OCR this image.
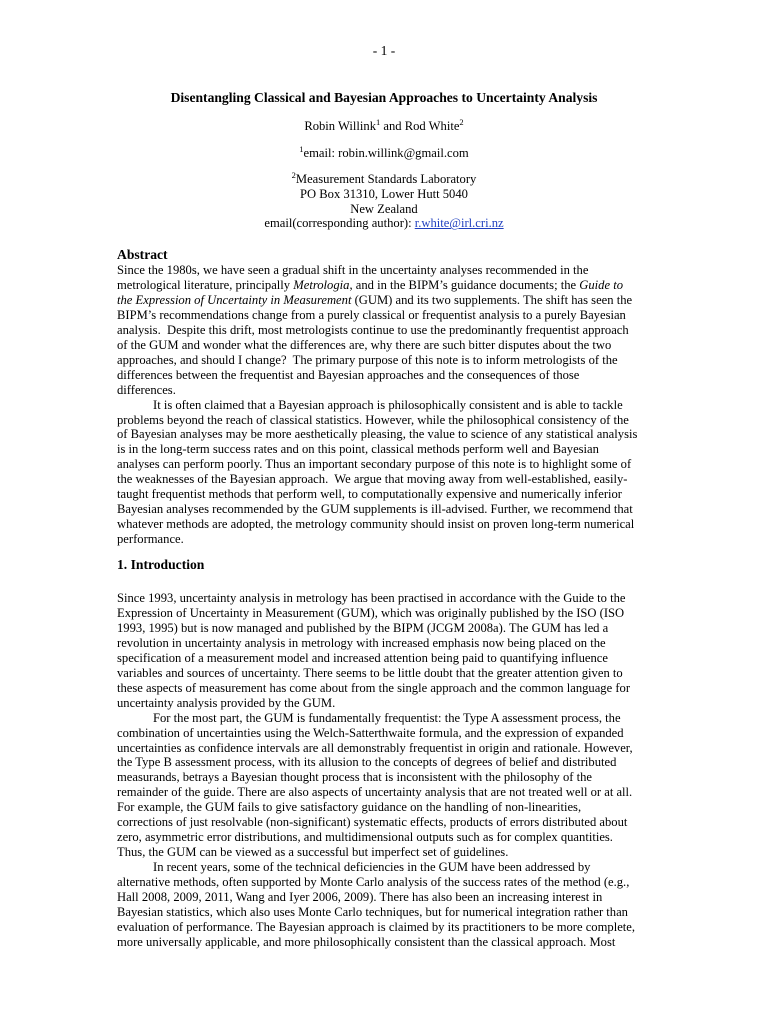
- 1 -
Disentangling Classical and Bayesian Approaches to Uncertainty Analysis
Robin Willink$^1$ and Rod White$^2$
$^1$email: robin.willink@gmail.com
$^2$Measurement Standards Laboratory
PO Box 31310, Lower Hutt 5040
New Zealand
email(corresponding author): r.white@irl.cri.nz
Abstract
Since the 1980s, we have seen a gradual shift in the uncertainty analyses recommended in the
metrological literature, principally Metrologia, and in the BIPM’s guidance documents; the Guide to
the Expression of Uncertainty in Measurement (GUM) and its two supplements. The shift has seen the
BIPM’s recommendations change from a purely classical or frequentist analysis to a purely Bayesian
analysis.  Despite this drift, most metrologists continue to use the predominantly frequentist approach
of the GUM and wonder what the differences are, why there are such bitter disputes about the two
approaches, and should I change?  The primary purpose of this note is to inform metrologists of the
differences between the frequentist and Bayesian approaches and the consequences of those
differences.
It is often claimed that a Bayesian approach is philosophically consistent and is able to tackle
problems beyond the reach of classical statistics. However, while the philosophical consistency of the
of Bayesian analyses may be more aesthetically pleasing, the value to science of any statistical analysis
is in the long-term success rates and on this point, classical methods perform well and Bayesian
analyses can perform poorly. Thus an important secondary purpose of this note is to highlight some of
the weaknesses of the Bayesian approach.  We argue that moving away from well-established, easily-
taught frequentist methods that perform well, to computationally expensive and numerically inferior
Bayesian analyses recommended by the GUM supplements is ill-advised. Further, we recommend that
whatever methods are adopted, the metrology community should insist on proven long-term numerical
performance.
1. Introduction
Since 1993, uncertainty analysis in metrology has been practised in accordance with the Guide to the
Expression of Uncertainty in Measurement (GUM), which was originally published by the ISO (ISO
1993, 1995) but is now managed and published by the BIPM (JCGM 2008a). The GUM has led a
revolution in uncertainty analysis in metrology with increased emphasis now being placed on the
specification of a measurement model and increased attention being paid to quantifying influence
variables and sources of uncertainty. There seems to be little doubt that the greater attention given to
these aspects of measurement has come about from the single approach and the common language for
uncertainty analysis provided by the GUM.
For the most part, the GUM is fundamentally frequentist: the Type A assessment process, the
combination of uncertainties using the Welch-Satterthwaite formula, and the expression of expanded
uncertainties as confidence intervals are all demonstrably frequentist in origin and rationale. However,
the Type B assessment process, with its allusion to the concepts of degrees of belief and distributed
measurands, betrays a Bayesian thought process that is inconsistent with the philosophy of the
remainder of the guide. There are also aspects of uncertainty analysis that are not treated well or at all.
For example, the GUM fails to give satisfactory guidance on the handling of non-linearities,
corrections of just resolvable (non-significant) systematic effects, products of errors distributed about
zero, asymmetric error distributions, and multidimensional outputs such as for complex quantities.
Thus, the GUM can be viewed as a successful but imperfect set of guidelines.
In recent years, some of the technical deficiencies in the GUM have been addressed by
alternative methods, often supported by Monte Carlo analysis of the success rates of the method (e.g.,
Hall 2008, 2009, 2011, Wang and Iyer 2006, 2009). There has also been an increasing interest in
Bayesian statistics, which also uses Monte Carlo techniques, but for numerical integration rather than
evaluation of performance. The Bayesian approach is claimed by its practitioners to be more complete,
more universally applicable, and more philosophically consistent than the classical approach. Most
